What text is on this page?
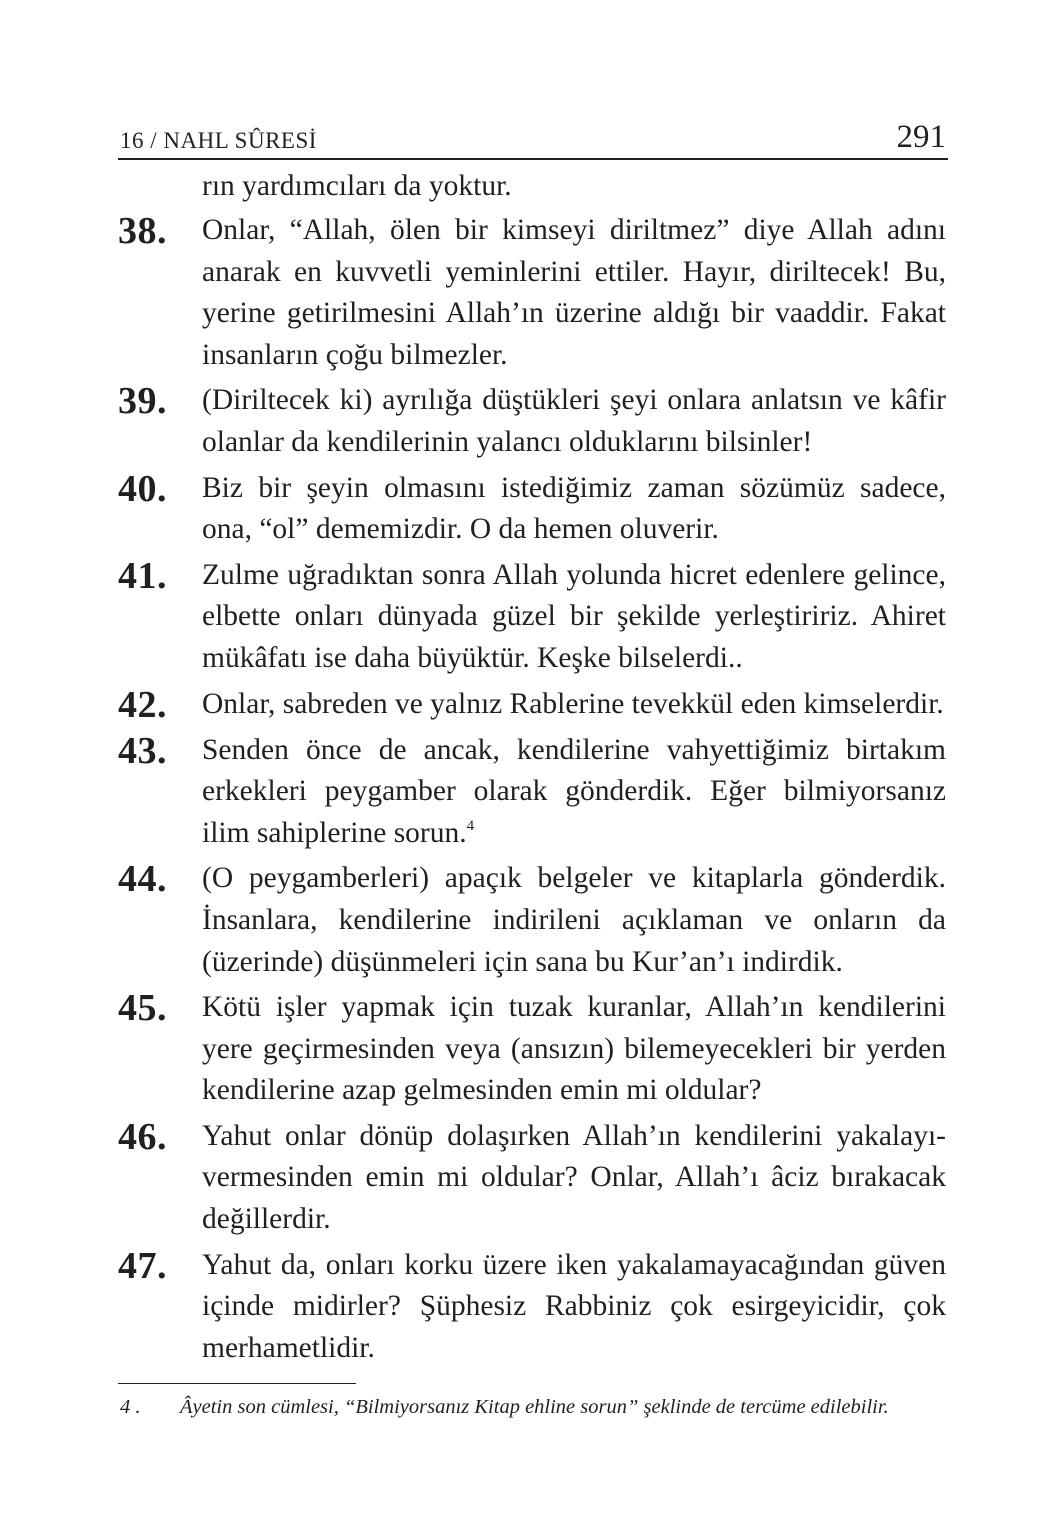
16 / NAHL SÛRESİ	291
rın yardımcıları da yoktur.
38.	Onlar, “Allah, ölen bir kimseyi diriltmez” diye Allah adını anarak en kuvvetli yeminlerini ettiler. Hayır, diriltecek! Bu, yerine getirilmesini Allah’ın üzerine aldığı bir vaaddir. Fakat insanların çoğu bilmezler.
39.	(Diriltecek ki) ayrılığa düştükleri şeyi onlara anlatsın ve kâfir olanlar da kendilerinin yalancı olduklarını bilsinler!
40.	Biz bir şeyin olmasını istediğimiz zaman sözümüz sadece, ona, “ol” dememizdir. O da hemen oluverir.
41.	Zulme uğradıktan sonra Allah yolunda hicret edenlere gelince, elbette onları dünyada güzel bir şekilde yerleştiririz. Ahiret mükâfatı ise daha büyüktür. Keşke bilselerdi..
42.	Onlar, sabreden ve yalnız Rablerine tevekkül eden kimselerdir.
43.	Senden önce de ancak, kendilerine vahyettiğimiz birtakım erkekleri peygamber olarak gönderdik. Eğer bilmiyorsanız ilim sahiplerine sorun.$^4$
44.	(O peygamberleri) apaçık belgeler ve kitaplarla gönderdik. İnsanlara, kendilerine indirileni açıklaman ve onların da (üzerinde) düşünmeleri için sana bu Kur’an’ı indirdik.
45.	Kötü işler yapmak için tuzak kuranlar, Allah’ın kendilerini yere geçirmesinden veya (ansızın) bilemeyecekleri bir yerden kendilerine azap gelmesinden emin mi oldular?
46.	Yahut onlar dönüp dolaşırken Allah’ın kendilerini yakalayıvermesinden emin mi oldular? Onlar, Allah’ı âciz bırakacak değillerdir.
47.	Yahut da, onları korku üzere iken yakalamayacağından güven içinde midirler? Şüphesiz Rabbiniz çok esirgeyicidir, çok merhametlidir.
4 .	Âyetin son cümlesi, “Bilmiyorsanız Kitap ehline sorun” şeklinde de tercüme edilebilir.
